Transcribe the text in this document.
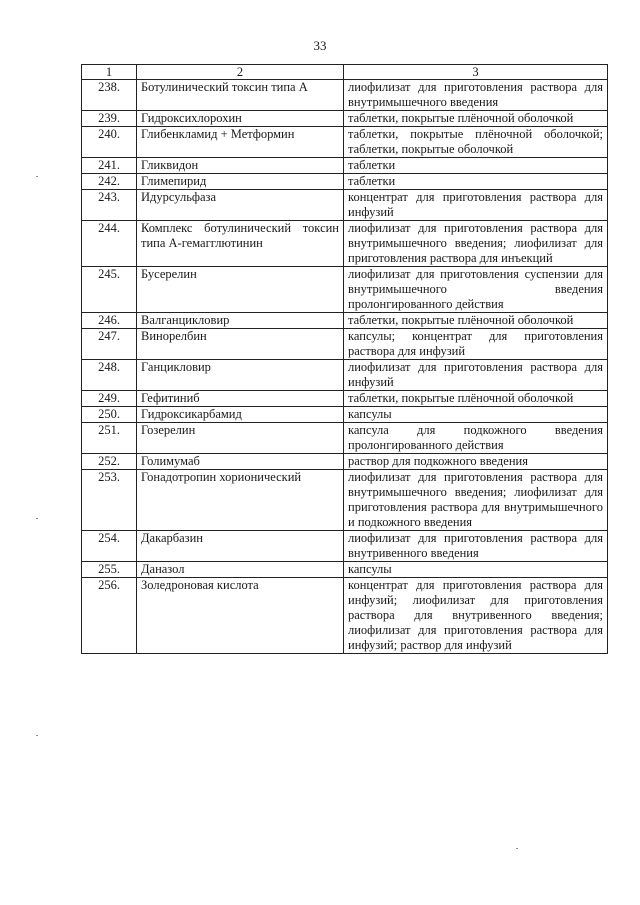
33
1	2	3
238.	Ботулинический токсин типа А	лиофилизат для приготовления раствора для внутримышечного введения
239.	Гидроксихлорохин	таблетки, покрытые плёночной оболочкой
240.	Глибенкламид + Метформин	таблетки, покрытые плёночной оболочкой; таблетки, покрытые оболочкой
241.	Гликвидон	таблетки
242.	Глимепирид	таблетки
243.	Идурсульфаза	концентрат для приготовления раствора для инфузий
244.	Комплекс ботулинический токсин типа А-гемагглютинин	лиофилизат для приготовления раствора для внутримышечного введения; лиофилизат для приготовления раствора для инъекций
245.	Бусерелин	лиофилизат для приготовления суспензии для внутримышечного введения пролонгированного действия
246.	Валганцикловир	таблетки, покрытые плёночной оболочкой
247.	Винорелбин	капсулы; концентрат для приготовления раствора для инфузий
248.	Ганцикловир	лиофилизат для приготовления раствора для инфузий
249.	Гефитиниб	таблетки, покрытые плёночной оболочкой
250.	Гидроксикарбамид	капсулы
251.	Гозерелин	капсула для подкожного введения пролонгированного действия
252.	Голимумаб	раствор для подкожного введения
253.	Гонадотропин хорионический	лиофилизат для приготовления раствора для внутримышечного введения; лиофилизат для приготовления раствора для внутримышечного и подкожного введения
254.	Дакарбазин	лиофилизат для приготовления раствора для внутривенного введения
255.	Даназол	капсулы
256.	Золедроновая кислота	концентрат для приготовления раствора для инфузий; лиофилизат для приготовления раствора для внутривенного введения; лиофилизат для приготовления раствора для инфузий; раствор для инфузий
